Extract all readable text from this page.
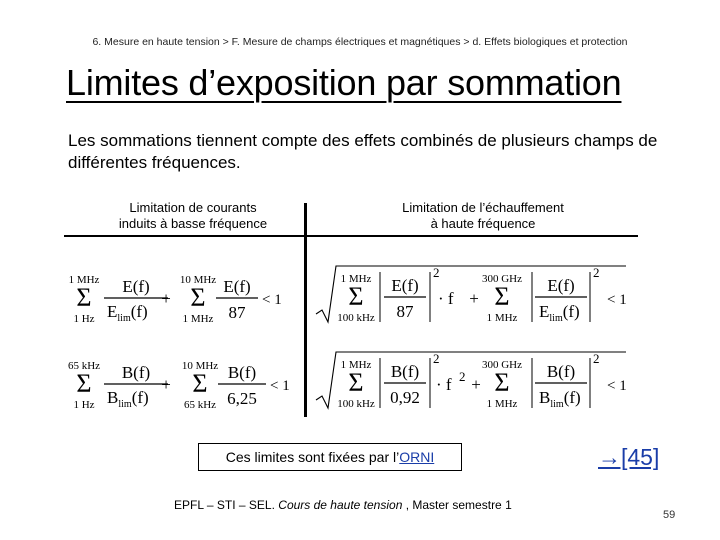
6. Mesure en haute tension > F. Mesure de champs électriques et magnétiques > d. Effets biologiques et protection
Limites d’exposition par sommation
Les sommations tiennent compte des effets combinés de plusieurs champs de différentes fréquences.
Limitation de courants
induits à basse fréquence
Limitation de l’échauffement
à haute fréquence
1 MHz
Σ
1 Hz
E(f)
$E_{lim}(f)$
+
10 MHz
Σ
1 MHz
E(f)
87
< 1
1 MHz
Σ
100 kHz
E(f)
87
2
· f +
300 GHz
Σ
1 MHz
E(f)
$E_{lim}(f)$
2
< 1
65 kHz
Σ
1 Hz
B(f)
$B_{lim}(f)$
+
10 MHz
Σ
65 kHz
B(f)
6,25
< 1
1 MHz
Σ
100 kHz
B(f)
0,92
2
· f 2 +
300 GHz
Σ
1 MHz
B(f)
$B_{lim}(f)$
2
< 1
Ces limites sont fixées par l’ORNI	→[45]
EPFL – STI – SEL. Cours de haute tension , Master semestre 1
59
